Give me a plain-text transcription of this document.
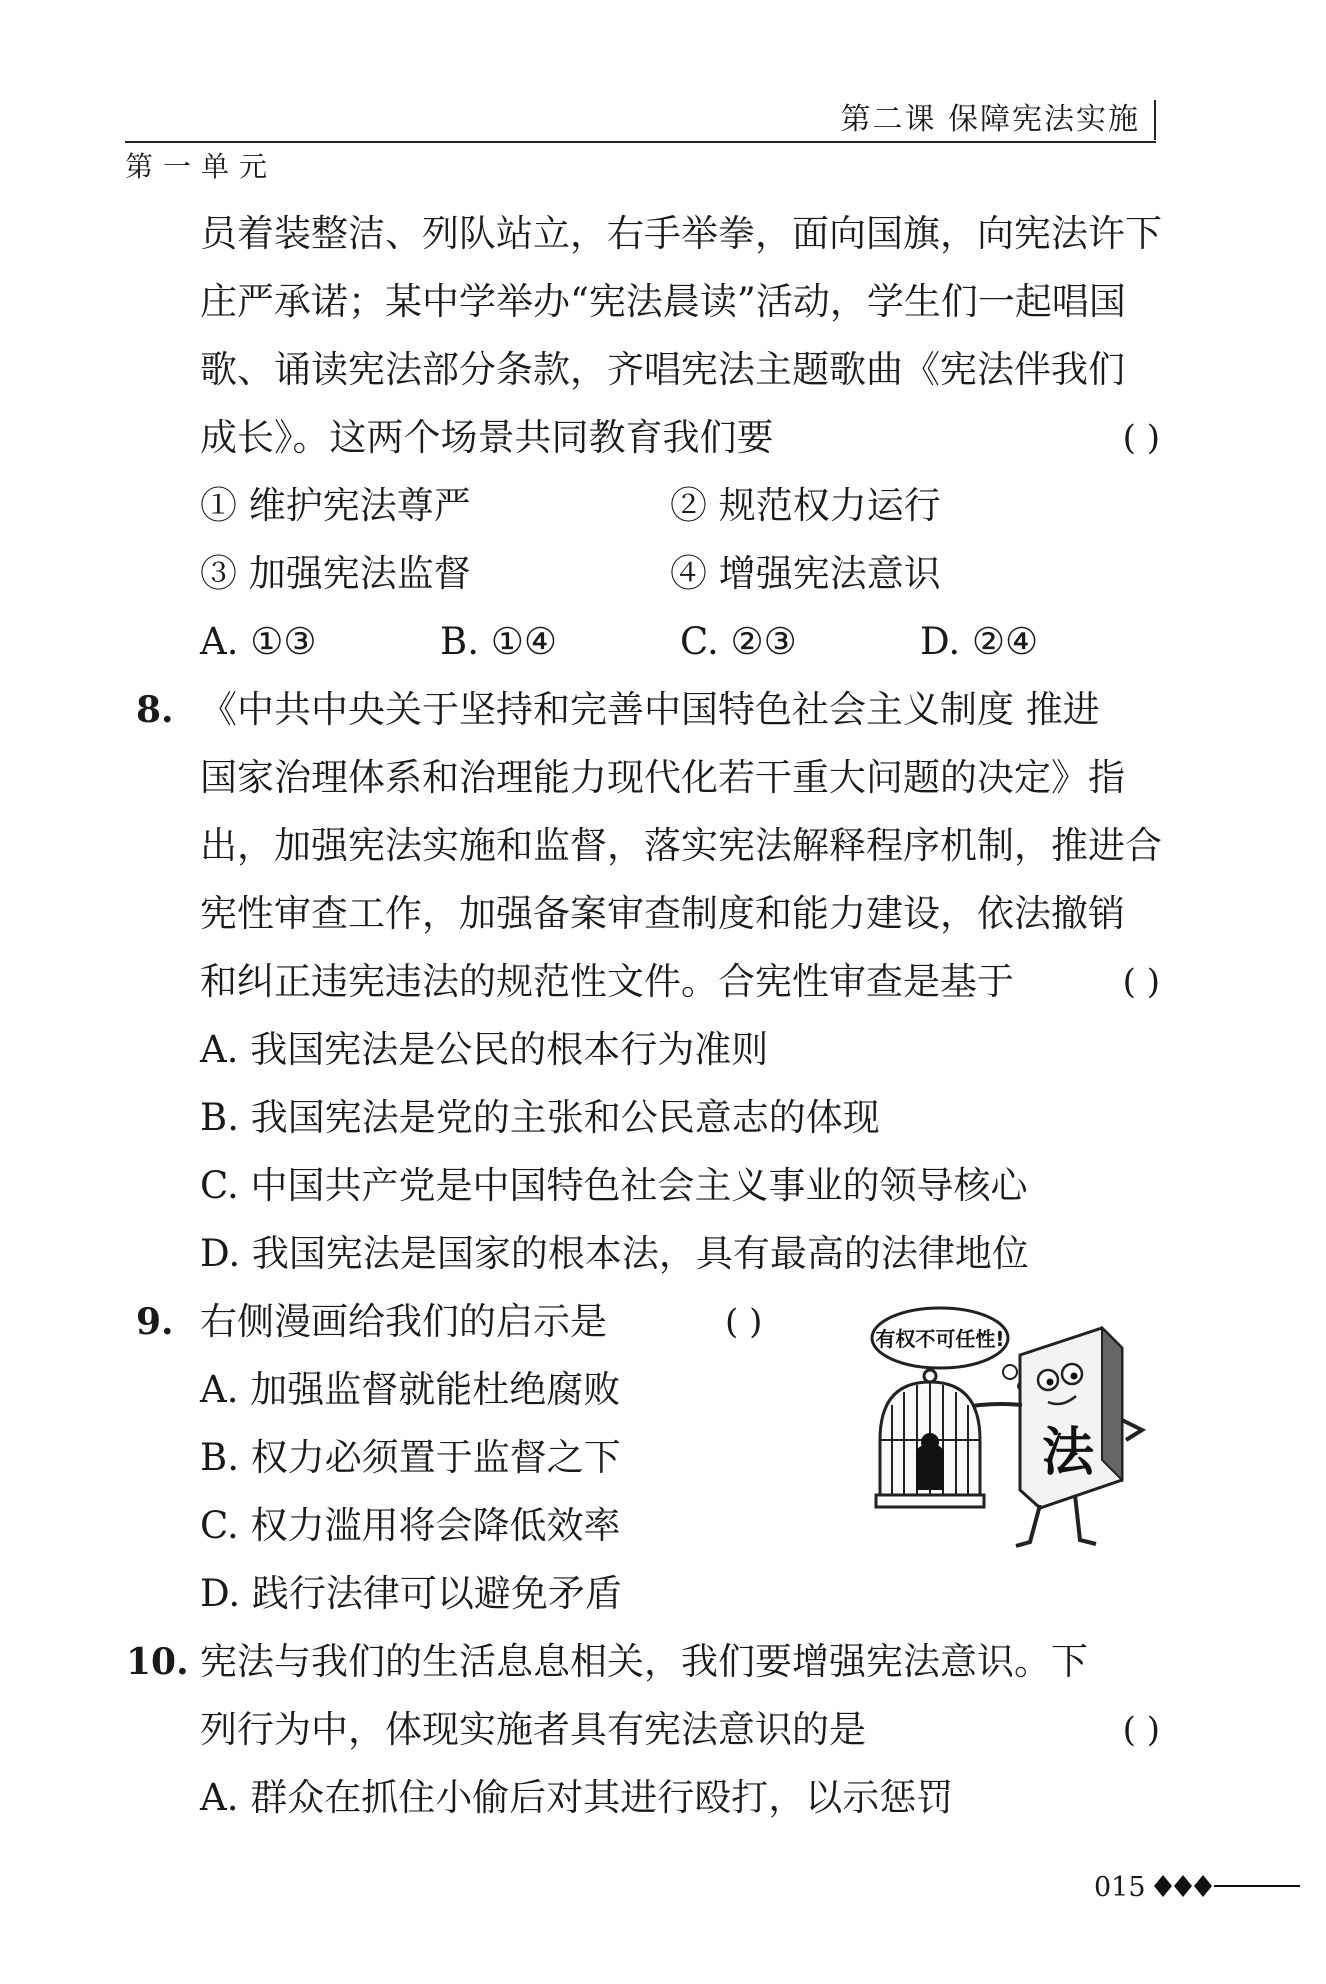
第二课 保障宪法实施
第一单元
员着装整洁、列队站立，右手举拳，面向国旗，向宪法许下
庄严承诺；某中学举办“宪法晨读”活动，学生们一起唱国
歌、诵读宪法部分条款，齐唱宪法主题歌曲《宪法伴我们
成长》。这两个场景共同教育我们要	( )
① 维护宪法尊严	② 规范权力运行
③ 加强宪法监督	④ 增强宪法意识
A. ①③	B. ①④	C. ②③	D. ②④
8. 《中共中央关于坚持和完善中国特色社会主义制度 推进
国家治理体系和治理能力现代化若干重大问题的决定》指
出，加强宪法实施和监督，落实宪法解释程序机制，推进合
宪性审查工作，加强备案审查制度和能力建设，依法撤销
和纠正违宪违法的规范性文件。合宪性审查是基于	( )
A. 我国宪法是公民的根本行为准则
B. 我国宪法是党的主张和公民意志的体现
C. 中国共产党是中国特色社会主义事业的领导核心
D. 我国宪法是国家的根本法，具有最高的法律地位
9. 右侧漫画给我们的启示是	( )
A. 加强监督就能杜绝腐败
B. 权力必须置于监督之下
C. 权力滥用将会降低效率
D. 践行法律可以避免矛盾
10. 宪法与我们的生活息息相关，我们要增强宪法意识。下
列行为中，体现实施者具有宪法意识的是	( )
A. 群众在抓住小偷后对其进行殴打，以示惩罚
有权不可任性!
法
015
